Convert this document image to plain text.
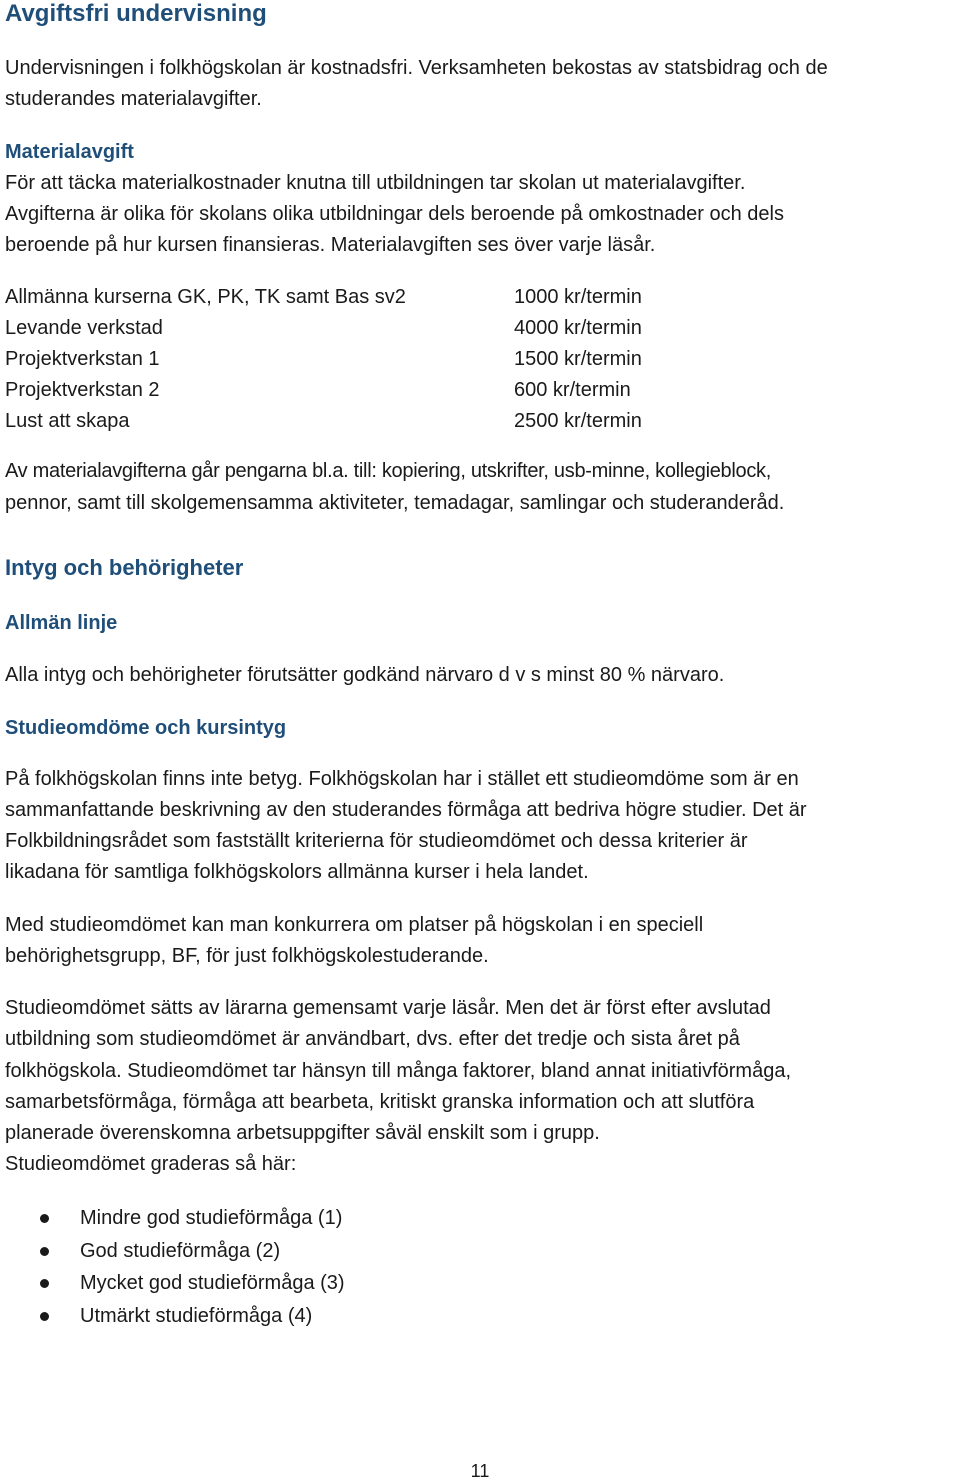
Avgiftsfri undervisning

Undervisningen i folkhögskolan är kostnadsfri. Verksamheten bekostas av statsbidrag och de

studerandes materialavgifter.

Materialavgift

För att täcka materialkostnader knutna till utbildningen tar skolan ut materialavgifter.

Avgifterna är olika för skolans olika utbildningar dels beroende på omkostnader och dels

beroende på hur kursen finansieras. Materialavgiften ses över varje läsår.

Allmänna kurserna GK, PK, TK samt Bas sv2	1000 kr/termin
Levande verkstad	4000 kr/termin
Projektverkstan 1	1500 kr/termin
Projektverkstan 2	600 kr/termin
Lust att skapa	2500 kr/termin

Av materialavgifterna går pengarna bl.a. till: kopiering, utskrifter, usb-minne, kollegieblock,

pennor, samt till skolgemensamma aktiviteter, temadagar, samlingar och studeranderåd.

Intyg och behörigheter
Allmän linje

Alla intyg och behörigheter förutsätter godkänd närvaro d v s minst 80 % närvaro.

Studieomdöme och kursintyg

På folkhögskolan finns inte betyg. Folkhögskolan har i stället ett studieomdöme som är en

sammanfattande beskrivning av den studerandes förmåga att bedriva högre studier. Det är

Folkbildningsrådet som fastställt kriterierna för studieomdömet och dessa kriterier är

likadana för samtliga folkhögskolors allmänna kurser i hela landet.

Med studieomdömet kan man konkurrera om platser på högskolan i en speciell

behörighetsgrupp, BF, för just folkhögskolestuderande.

Studieomdömet sätts av lärarna gemensamt varje läsår. Men det är först efter avslutad

utbildning som studieomdömet är användbart, dvs. efter det tredje och sista året på

folkhögskola. Studieomdömet tar hänsyn till många faktorer, bland annat initiativförmåga,

samarbetsförmåga, förmåga att bearbeta, kritiskt granska information och att slutföra

planerade överenskomna arbetsuppgifter såväl enskilt som i grupp.

Studieomdömet graderas så här:

Mindre god studieförmåga (1)
God studieförmåga (2)
Mycket god studieförmåga (3)
Utmärkt studieförmåga (4)
11
